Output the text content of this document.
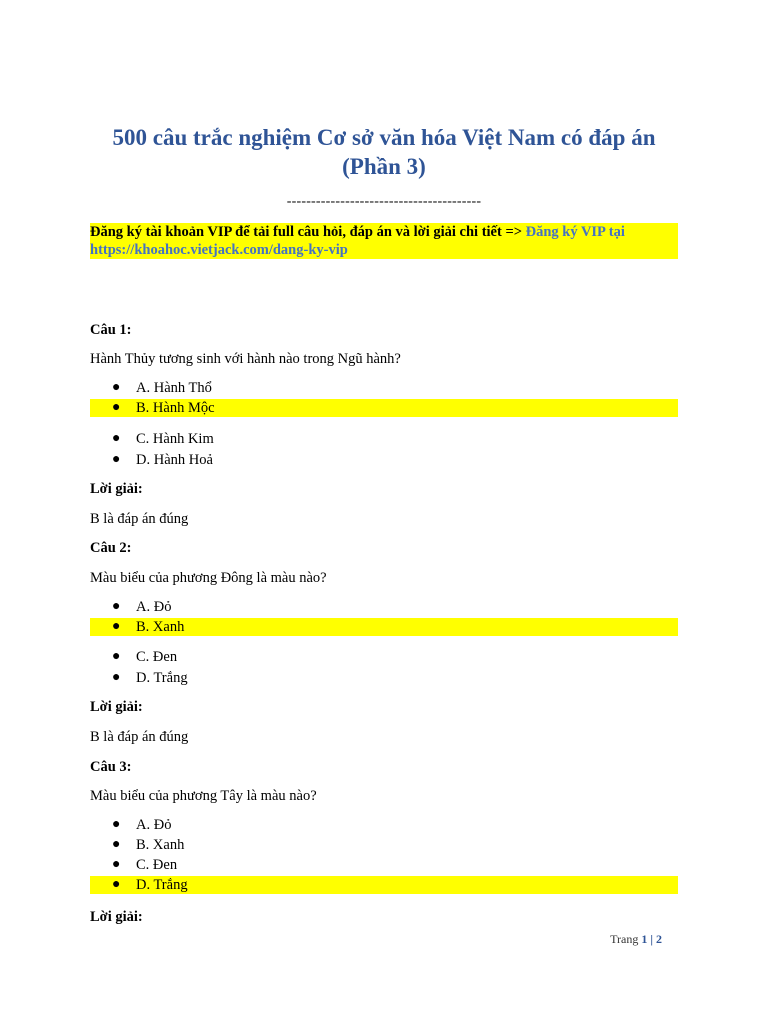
500 câu trắc nghiệm Cơ sở văn hóa Việt Nam có đáp án
(Phần 3)
----------------------------------------
Đăng ký tài khoản VIP để tải full câu hỏi, đáp án và lời giải chi tiết => Đăng ký VIP tại
https://khoahoc.vietjack.com/dang-ky-vip
Câu 1:
Hành Thủy tương sinh với hành nào trong Ngũ hành?
● A. Hành Thổ
● B. Hành Mộc
● C. Hành Kim
● D. Hành Hoả
Lời giải:
B là đáp án đúng
Câu 2:
Màu biểu của phương Đông là màu nào?
● A. Đỏ
● B. Xanh
● C. Đen
● D. Trắng
Lời giải:
B là đáp án đúng
Câu 3:
Màu biểu của phương Tây là màu nào?
● A. Đỏ
● B. Xanh
● C. Đen
● D. Trắng
Lời giải:
Trang 1 | 2
